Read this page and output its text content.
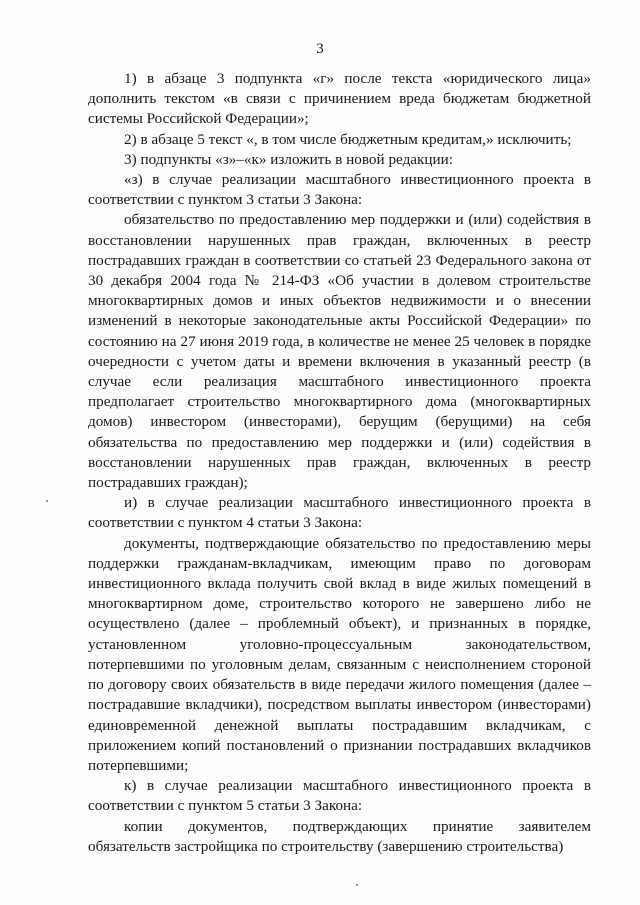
3

1) в абзаце 3 подпункта «г» после текста «юридического лица» дополнить текстом «в связи с причинением вреда бюджетам бюджетной системы Российской Федерации»;

2) в абзаце 5 текст «, в том числе бюджетным кредитам,» исключить;

3) подпункты «з»–«к» изложить в новой редакции:

«з) в случае реализации масштабного инвестиционного проекта в соответствии с пунктом 3 статьи 3 Закона:

обязательство по предоставлению мер поддержки и (или) содействия в восстановлении нарушенных прав граждан, включенных в реестр пострадавших граждан в соответствии со статьей 23 Федерального закона от 30 декабря 2004 года № 214-ФЗ «Об участии в долевом строительстве многоквартирных домов и иных объектов недвижимости и о внесении изменений в некоторые законодательные акты Российской Федерации» по состоянию на 27 июня 2019 года, в количестве не менее 25 человек в порядке очередности с учетом даты и времени включения в указанный реестр (в случае если реализация масштабного инвестиционного проекта предполагает строительство многоквартирного дома (многоквартирных домов) инвестором (инвесторами), берущим (берущими) на себя обязательства по предоставлению мер поддержки и (или) содействия в восстановлении нарушенных прав граждан, включенных в реестр пострадавших граждан);

и) в случае реализации масштабного инвестиционного проекта в соответствии с пунктом 4 статьи 3 Закона:

документы, подтверждающие обязательство по предоставлению меры поддержки гражданам-вкладчикам, имеющим право по договорам инвестиционного вклада получить свой вклад в виде жилых помещений в многоквартирном доме, строительство которого не завершено либо не осуществлено (далее – проблемный объект), и признанных в порядке, установленном уголовно-процессуальным законодательством, потерпевшими по уголовным делам, связанным с неисполнением стороной по договору своих обязательств в виде передачи жилого помещения (далее – пострадавшие вкладчики), посредством выплаты инвестором (инвесторами) единовременной денежной выплаты пострадавшим вкладчикам, с приложением копий постановлений о признании пострадавших вкладчиков потерпевшими;

к) в случае реализации масштабного инвестиционного проекта в соответствии с пунктом 5 статьи 3 Закона:

копии документов, подтверждающих принятие заявителем обязательств застройщика по строительству (завершению строительства)
